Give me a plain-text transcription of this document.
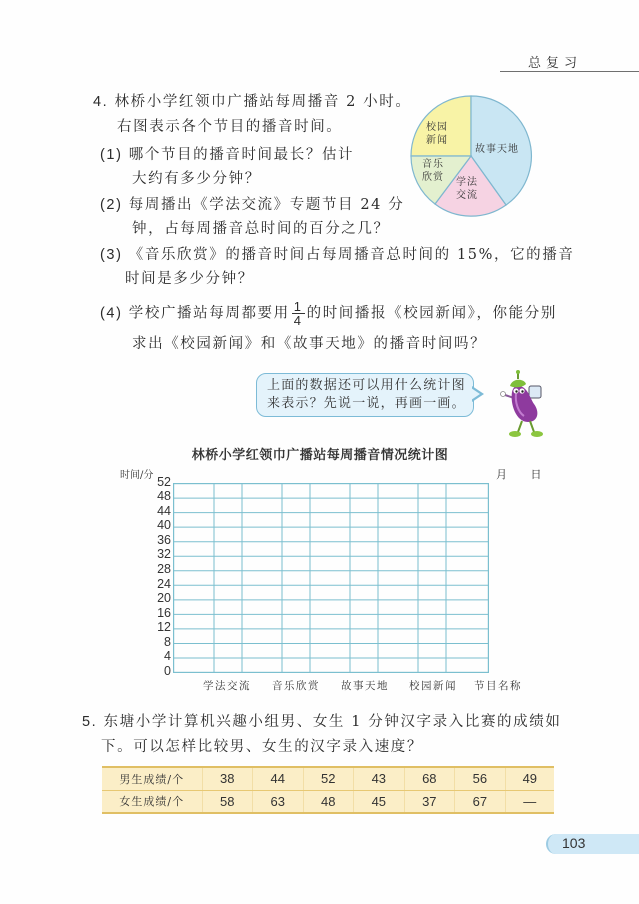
总复习
4. 林桥小学红领巾广播站每周播音 2 小时。
右图表示各个节目的播音时间。
(1) 哪个节目的播音时间最长？估计
大约有多少分钟？
(2) 每周播出《学法交流》专题节目 24 分
钟，占每周播音总时间的百分之几？
(3) 《音乐欣赏》的播音时间占每周播音总时间的 15%，它的播音
时间是多少分钟？
(4) 学校广播站每周都要用 $\frac{1}{4}$ 的时间播报《校园新闻》，你能分别
求出《校园新闻》和《故事天地》的播音时间吗？
校园
新闻
故事天地
学法
交流
音乐
欣赏
上面的数据还可以用什么统计图
来表示？先说一说，再画一画。
林桥小学红领巾广播站每周播音情况统计图
时间/分	月 日
52
48
44
40
36
32
28
24
20
16
12
8
4
0
学法交流 音乐欣赏 故事天地 校园新闻 节目名称
5. 东塘小学计算机兴趣小组男、女生 1 分钟汉字录入比赛的成绩如
下。可以怎样比较男、女生的汉字录入速度？
男生成绩/个	38	44	52	43	68	56	49
女生成绩/个	58	63	48	45	37	67	—
103
